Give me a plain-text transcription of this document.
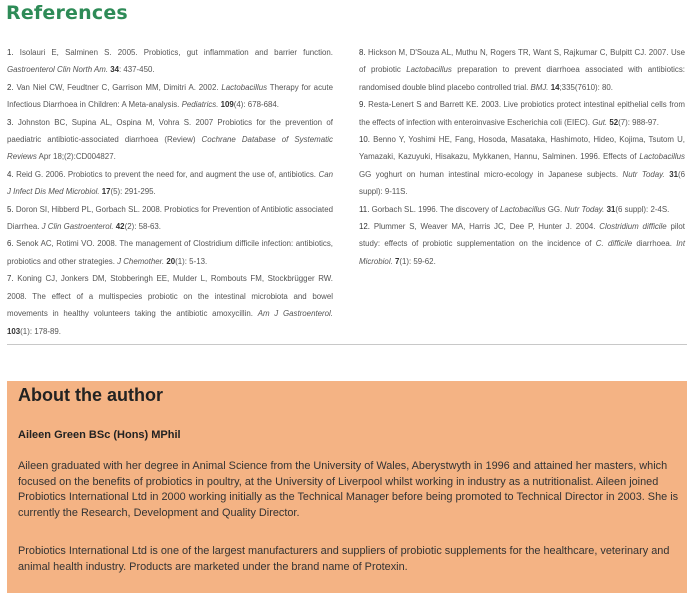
References

1. Isolauri E, Salminen S. 2005. Probiotics, gut inflammation and barrier function. Gastroenterol Clin North Am. 34: 437-450.

2. Van Niel CW, Feudtner C, Garrison MM, Dimitri A. 2002. Lactobacillus Therapy for acute Infectious Diarrhoea in Children: A Meta-analysis. Pediatrics. 109(4): 678-684.

3. Johnston BC, Supina AL, Ospina M, Vohra S. 2007 Probiotics for the prevention of paediatric antibiotic-associated diarrhoea (Review) Cochrane Database of Systematic Reviews Apr 18;(2):CD004827.

4. Reid G. 2006. Probiotics to prevent the need for, and augment the use of, antibiotics. Can J Infect Dis Med Microbiol. 17(5): 291-295.

5. Doron SI, Hibberd PL, Gorbach SL. 2008. Probiotics for Prevention of Antibiotic associated Diarrhea. J Clin Gastroenterol. 42(2): 58-63.

6. Senok AC, Rotimi VO. 2008. The management of Clostridium difficile infection: antibiotics, probiotics and other strategies. J Chemother. 20(1): 5-13.

7. Koning CJ, Jonkers DM, Stobberingh EE, Mulder L, Rombouts FM, Stockbrügger RW. 2008. The effect of a multispecies probiotic on the intestinal microbiota and bowel movements in healthy volunteers taking the antibiotic amoxycillin. Am J Gastroenterol. 103(1): 178-89.

8. Hickson M, D'Souza AL, Muthu N, Rogers TR, Want S, Rajkumar C, Bulpitt CJ. 2007. Use of probiotic Lactobacillus preparation to prevent diarrhoea associated with antibiotics: randomised double blind placebo controlled trial. BMJ. 14;335(7610): 80.

9. Resta-Lenert S and Barrett KE. 2003. Live probiotics protect intestinal epithelial cells from the effects of infection with enteroinvasive Escherichia coli (EIEC). Gut. 52(7): 988-97.

10. Benno Y, Yoshimi HE, Fang, Hosoda, Masataka, Hashimoto, Hideo, Kojima, Tsutom U, Yamazaki, Kazuyuki, Hisakazu, Mykkanen, Hannu, Salminen. 1996. Effects of Lactobacillus GG yoghurt on human intestinal micro-ecology in Japanese subjects. Nutr Today. 31(6 suppl): 9-11S.

11. Gorbach SL. 1996. The discovery of Lactobacillus GG. Nutr Today. 31(6 suppl): 2-4S.

12. Plummer S, Weaver MA, Harris JC, Dee P, Hunter J. 2004. Clostridium difficile pilot study: effects of probiotic supplementation on the incidence of C. difficile diarrhoea. Int Microbiol. 7(1): 59-62.

About the author

Aileen Green BSc (Hons) MPhil

Aileen graduated with her degree in Animal Science from the University of Wales, Aberystwyth in 1996 and attained her masters, which focused on the benefits of probiotics in poultry, at the University of Liverpool whilst working in industry as a nutritionalist. Aileen joined Probiotics International Ltd in 2000 working initially as the Technical Manager before being promoted to Technical Director in 2003. She is currently the Research, Development and Quality Director.

Probiotics International Ltd is one of the largest manufacturers and suppliers of probiotic supplements for the healthcare, veterinary and animal health industry. Products are marketed under the brand name of Protexin.
